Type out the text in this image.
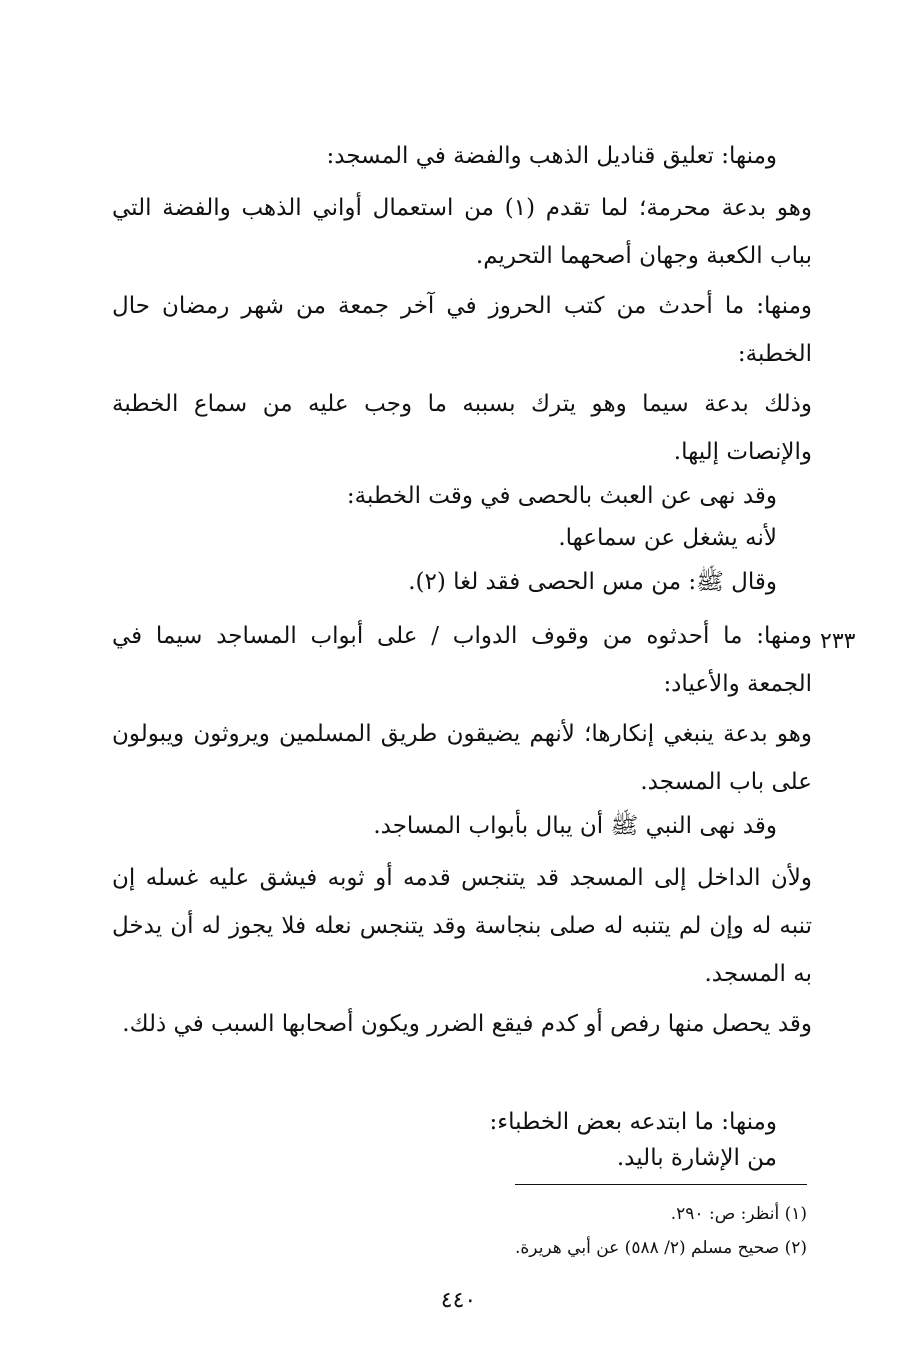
ومنها: تعليق قناديل الذهب والفضة في المسجد:
وهو بدعة محرمة؛ لما تقدم (١) من استعمال أواني الذهب والفضة التي بباب الكعبة وجهان أصحهما التحريم.
ومنها: ما أحدث من كتب الحروز في آخر جمعة من شهر رمضان حال الخطبة:
وذلك بدعة سيما وهو يترك بسببه ما وجب عليه من سماع الخطبة والإنصات إليها.
وقد نهى عن العبث بالحصى في وقت الخطبة:
لأنه يشغل عن سماعها.
وقال ﷺ: من مس الحصى فقد لغا (٢).
٢٣٣
ومنها: ما أحدثوه من وقوف الدواب / على أبواب المساجد سيما في الجمعة والأعياد:
وهو بدعة ينبغي إنكارها؛ لأنهم يضيقون طريق المسلمين ويروثون ويبولون على باب المسجد.
وقد نهى النبي ﷺ أن يبال بأبواب المساجد.
ولأن الداخل إلى المسجد قد يتنجس قدمه أو ثوبه فيشق عليه غسله إن تنبه له وإن لم يتنبه له صلى بنجاسة وقد يتنجس نعله فلا يجوز له أن يدخل به المسجد.
وقد يحصل منها رفص أو كدم فيقع الضرر ويكون أصحابها السبب في ذلك.
ومنها: ما ابتدعه بعض الخطباء:
من الإشارة باليد.
(١) أنظر: ص: ٢٩٠.
(٢) صحيح مسلم (٢/ ٥٨٨) عن أبي هريرة.
٤٤٠
